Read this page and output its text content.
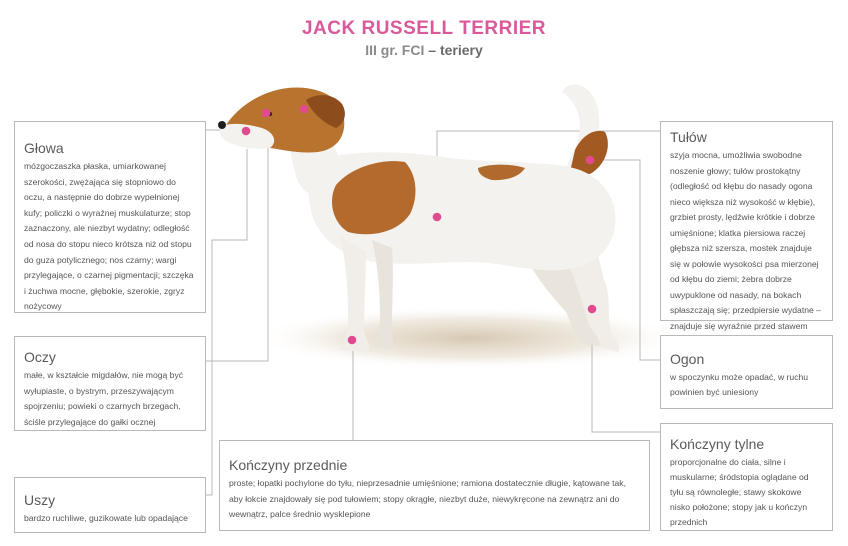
JACK RUSSELL TERRIER
III gr. FCI – teriery
Głowa

mózgoczaszka płaska, umiarkowanej szerokości, zwężająca się stopniowo do oczu, a następnie do dobrze wypełnionej kufy; policzki o wyraźnej muskulaturze; stop zaznaczony, ale niezbyt wydatny; odległość od nosa do stopu nieco krótsza niż od stopu do guza potylicznego; nos czarny; wargi przylegające, o czarnej pigmentacji; szczęka i żuchwa mocne, głębokie, szerokie, zgryz nożycowy

Oczy

małe, w kształcie migdałów, nie mogą być wyłupiaste, o bystrym, przeszywającym spojrzeniu; powieki o czarnych brzegach, ściśle przylegające do gałki ocznej

Uszy

bardzo ruchliwe, guzikowate lub opadające

Tułów

szyja mocna, umożliwia swobodne noszenie głowy; tułów prostokątny (odległość od kłębu do nasady ogona nieco większa niż wysokość w kłębie), grzbiet prosty, lędźwie krótkie i dobrze umięśnione; klatka piersiowa raczej głębsza niż szersza, mostek znajduje się w połowie wysokości psa mierzonej od kłębu do ziemi; żebra dobrze uwypuklone od nasady, na bokach spłaszczają się; przedpiersie wydatne – znajduje się wyraźnie przed stawem

Ogon

w spoczynku może opadać, w ruchu powinien być uniesiony

Kończyny tylne

proporcjonalne do ciała, silne i muskularne; śródstopia oglądane od tyłu są równoległe; stawy skokowe nisko położone; stopy jak u kończyn przednich

Kończyny przednie

proste; łopatki pochylone do tyłu, nieprzesadnie umięśnione; ramiona dostatecznie długie, kątowane tak, aby łokcie znajdowały się pod tułowiem; stopy okrągłe, niezbyt duże, niewykręcone na zewnątrz ani do wewnątrz, palce średnio wysklepione
